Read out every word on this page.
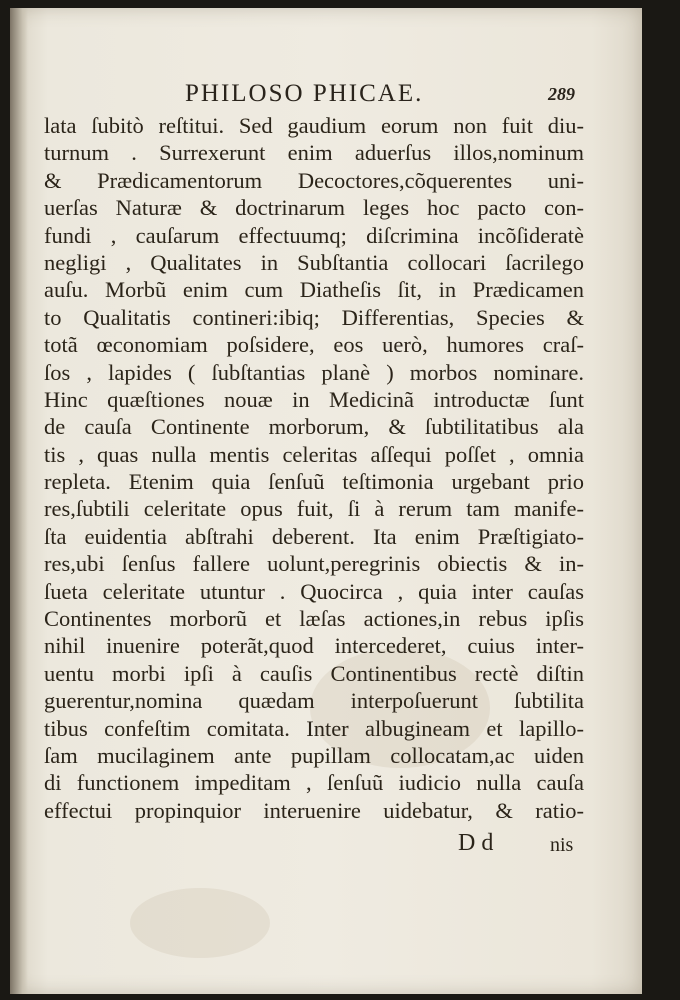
PHILOSO PHICAE.	289
lata ſubitò reſtitui. Sed gaudium eorum non fuit diu-
turnum . Surrexerunt enim aduerſus illos,nominum
& Prædicamentorum Decoctores,cõquerentes uni-
uerſas Naturæ & doctrinarum leges hoc pacto con-
fundi , cauſarum effectuumq; diſcrimina incõſideratè
negligi , Qualitates in Subſtantia collocari ſacrilego
auſu. Morbũ enim cum Diatheſis ſit, in Prædicamen
to Qualitatis contineri:ibiq; Differentias, Species &
totã œconomiam poſsidere, eos uerò, humores craſ-
ſos , lapides ( ſubſtantias planè ) morbos nominare.
Hinc quæſtiones nouæ in Medicinã introductæ ſunt
de cauſa Continente morborum, & ſubtilitatibus ala
tis , quas nulla mentis celeritas aſſequi poſſet , omnia
repleta. Etenim quia ſenſuũ teſtimonia urgebant prio
res,ſubtili celeritate opus fuit, ſi à rerum tam manife-
ſta euidentia abſtrahi deberent. Ita enim Præſtigiato-
res,ubi ſenſus fallere uolunt,peregrinis obiectis & in-
ſueta celeritate utuntur . Quocirca , quia inter cauſas
Continentes morborũ et læſas actiones,in rebus ipſis
nihil inuenire poterãt,quod intercederet, cuius inter-
uentu morbi ipſi à cauſis Continentibus rectè diſtin
guerentur,nomina quædam interpoſuerunt ſubtilita
tibus confeſtim comitata. Inter albugineam et lapillo-
ſam mucilaginem ante pupillam collocatam,ac uiden
di functionem impeditam , ſenſuũ iudicio nulla cauſa
effectui propinquior interuenire uidebatur, & ratio-
D d	nis
